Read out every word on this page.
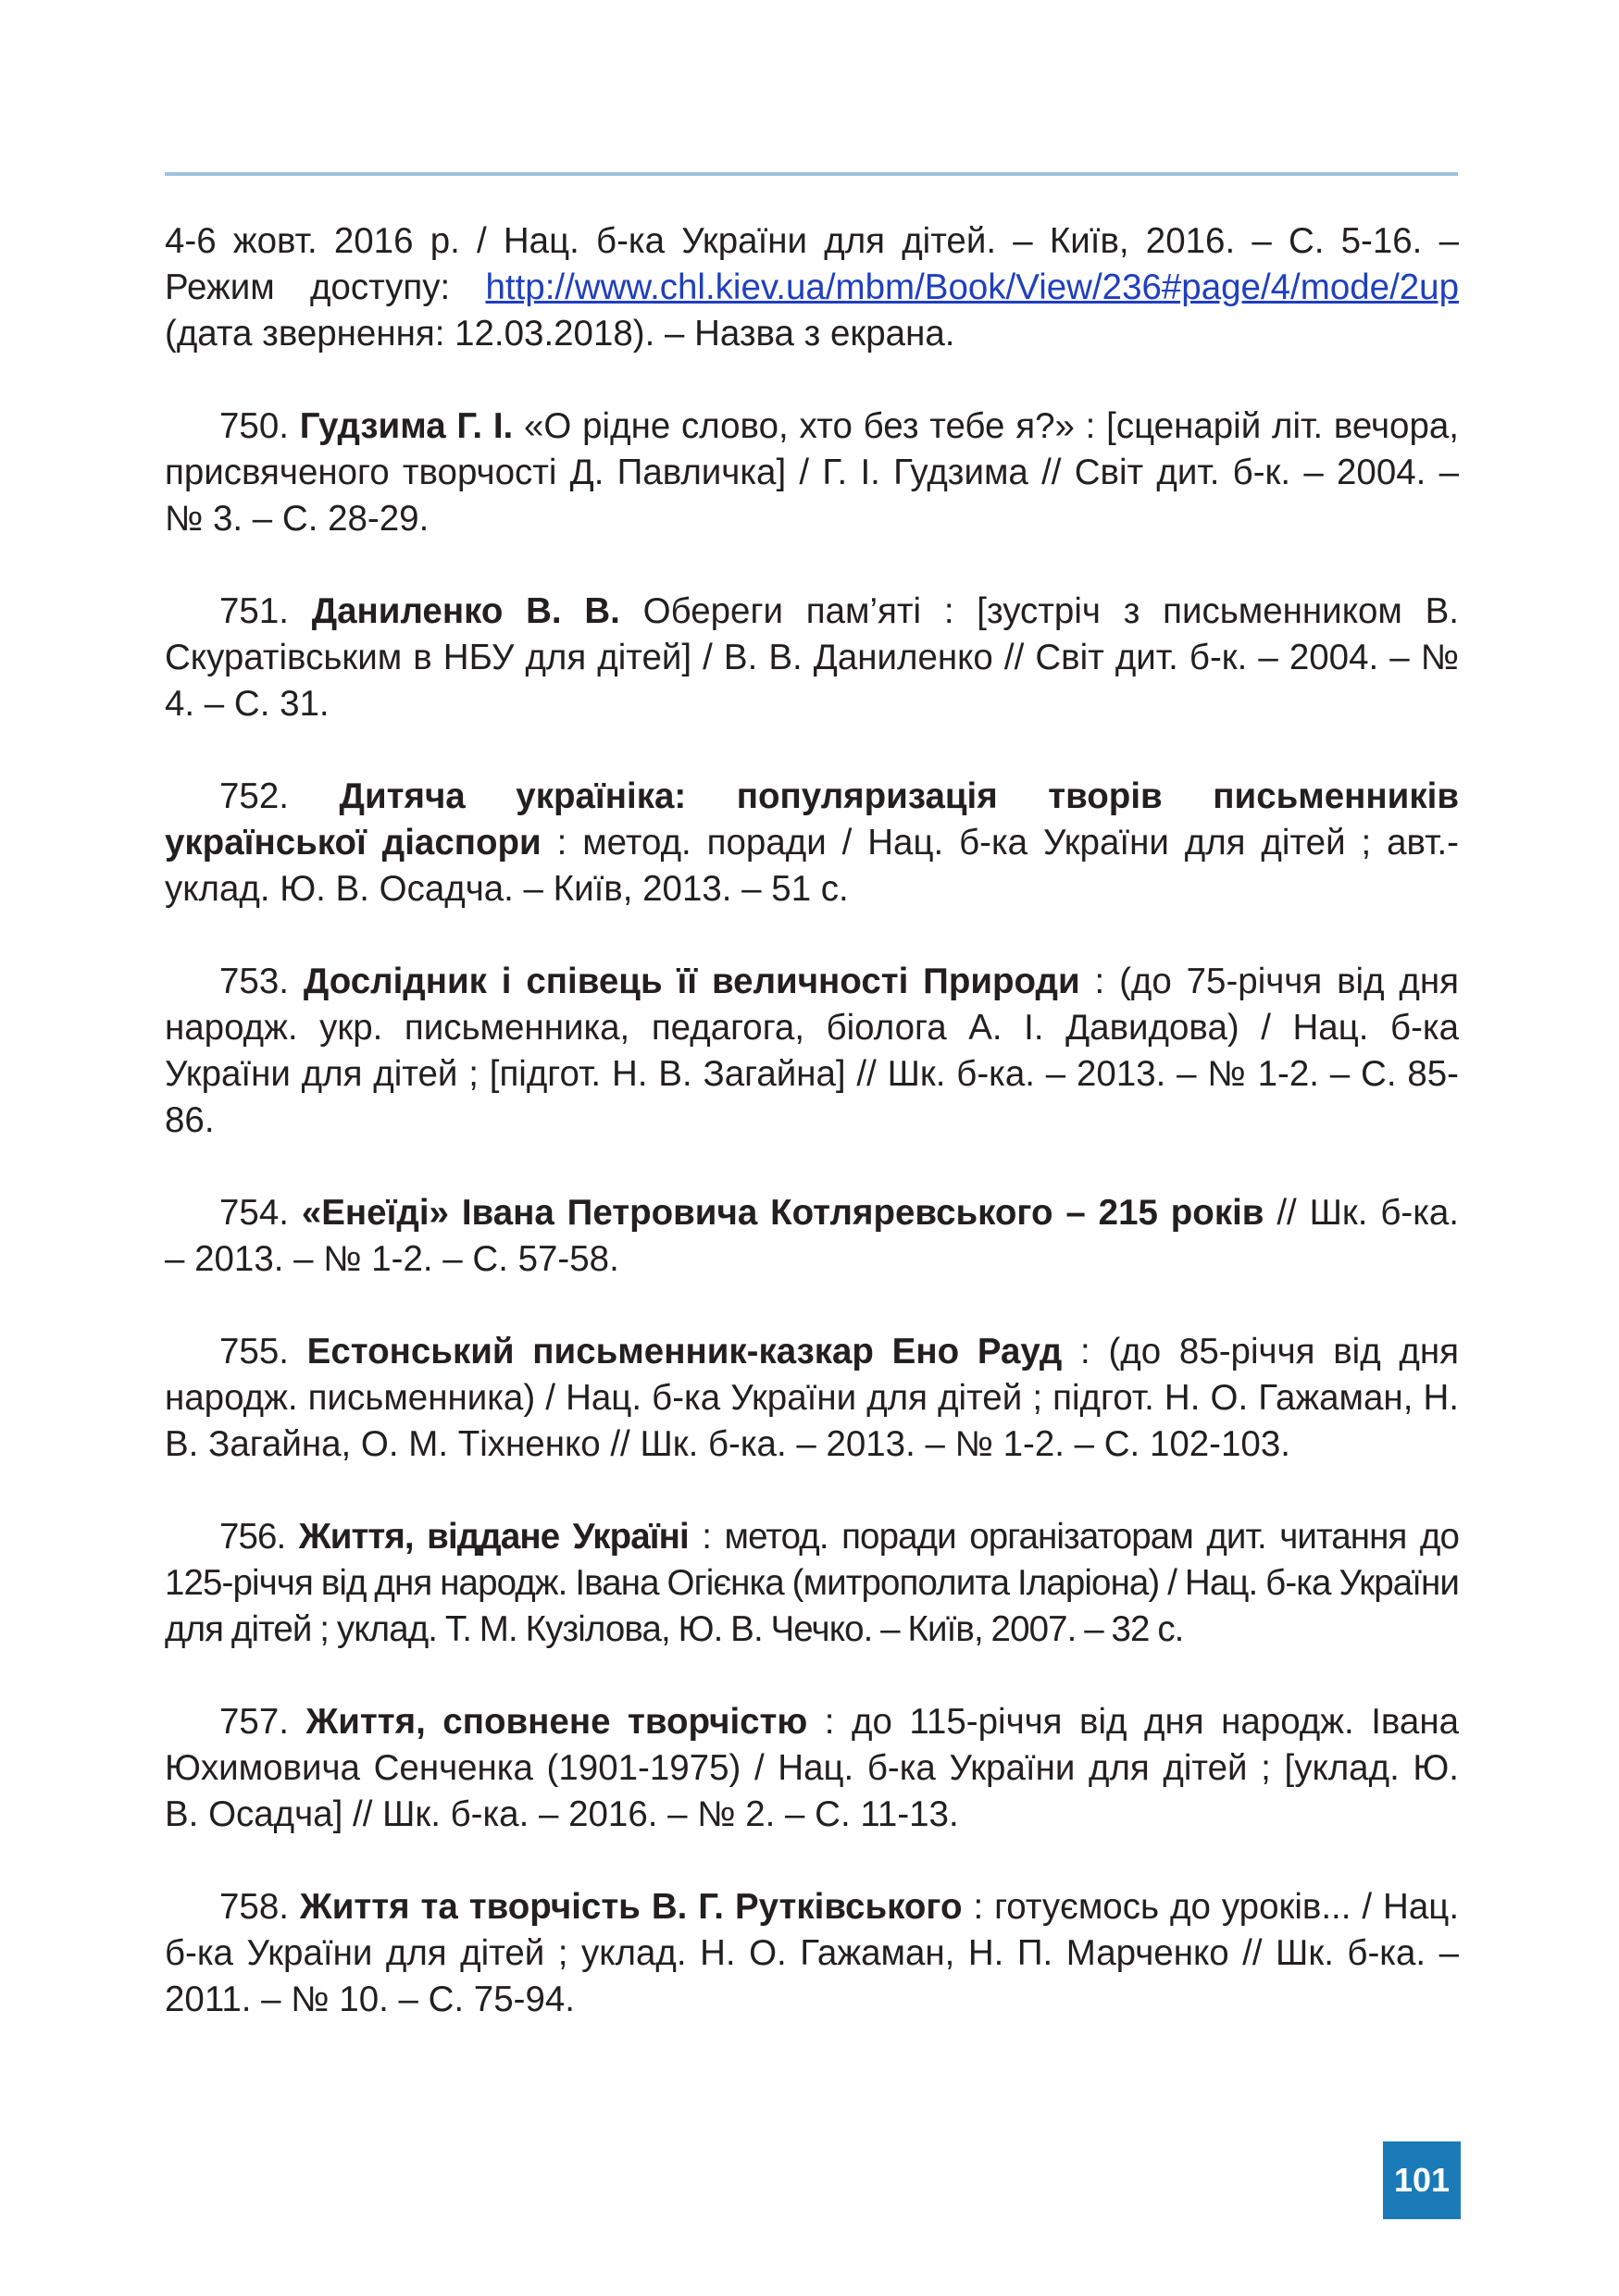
4-6 жовт. 2016 р. / Нац. б-ка України для дітей. – Київ, 2016. – С. 5-16. – Режим доступу: http://www.chl.kiev.ua/mbm/Book/View/236#page/4/mode/2up (дата звернення: 12.03.2018). – Назва з екрана.

750. Гудзима Г. І. «О рідне слово, хто без тебе я?» : [сценарій літ. вечора, присвяченого творчості Д. Павличка] / Г. І. Гудзима // Світ дит. б-к. – 2004. – № 3. – С. 28-29.

751. Даниленко В. В. Обереги пам’яті : [зустріч з письменником В. Скуратівським в НБУ для дітей] / В. В. Даниленко // Світ дит. б-к. – 2004. – № 4. – С. 31.

752. Дитяча україніка: популяризація творів письменників української діаспори : метод. поради / Нац. б-ка України для дітей ; авт.-уклад. Ю. В. Осадча. – Київ, 2013. – 51 с.

753. Дослідник і співець її величності Природи : (до 75-річчя від дня народж. укр. письменника, педагога, біолога А. І. Давидова) / Нац. б-ка України для дітей ; [підгот. Н. В. Загайна] // Шк. б-ка. – 2013. – № 1-2. – С. 85-86.

754. «Енеїді» Івана Петровича Котляревського – 215 років // Шк. б-ка. – 2013. – № 1-2. – С. 57-58.

755. Естонський письменник-казкар Ено Рауд : (до 85-річчя від дня народж. письменника) / Нац. б-ка України для дітей ; підгот. Н. О. Гажаман, Н. В. Загайна, О. М. Тіхненко // Шк. б-ка. – 2013. – № 1-2. – С. 102-103.

756. Життя, віддане Україні : метод. поради організаторам дит. читання до 125-річчя від дня народж. Івана Огієнка (митрополита Іларіона) / Нац. б-ка України для дітей ; уклад. Т. М. Кузілова, Ю. В. Чечко. – Київ, 2007. – 32 с.

757. Життя, сповнене творчістю : до 115-річчя від дня народж. Івана Юхимовича Сенченка (1901-1975) / Нац. б-ка України для дітей ; [уклад. Ю. В. Осадча] // Шк. б-ка. – 2016. – № 2. – С. 11-13.

758. Життя та творчість В. Г. Рутківського : готуємось до уроків... / Нац. б-ка України для дітей ; уклад. Н. О. Гажаман, Н. П. Марченко // Шк. б-ка. – 2011. – № 10. – С. 75-94.

101
